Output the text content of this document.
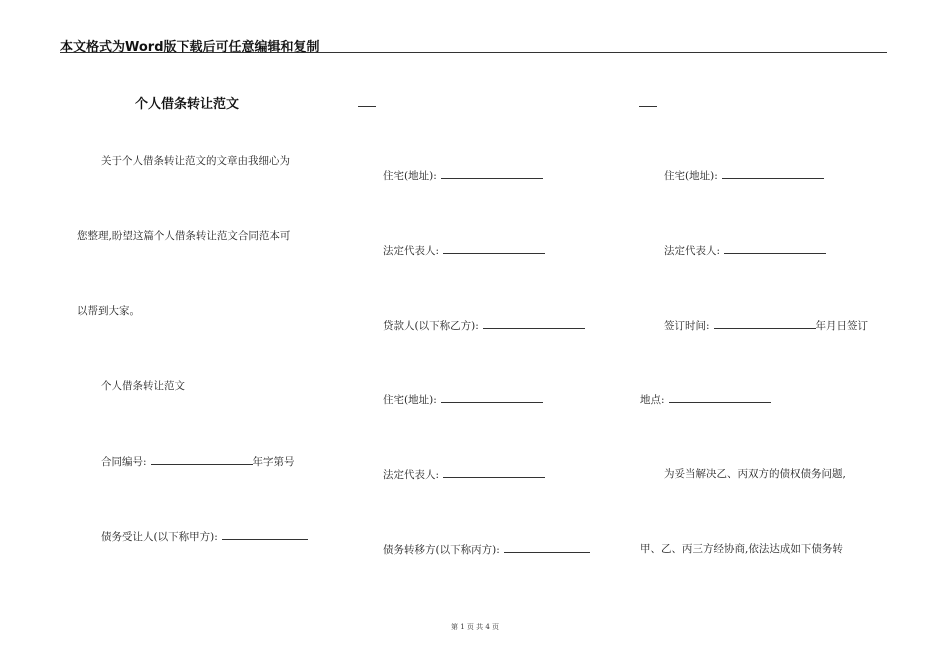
本文格式为Word版下载后可任意编辑和复制
个人借条转让范文
关于个人借条转让范文的文章由我细心为
您整理,盼望这篇个人借条转让范文合同范本可
以帮到大家。
个人借条转让范文
合同编号:	年字第号
债务受让人(以下称甲方):
住宅(地址):
法定代表人:
贷款人(以下称乙方):
住宅(地址):
法定代表人:
债务转移方(以下称丙方):
住宅(地址):
法定代表人:
签订时间:	年月日签订
地点:
为妥当解决乙、丙双方的债权债务问题,
甲、乙、丙三方经协商,依法达成如下债务转
第 1 页 共 4 页
